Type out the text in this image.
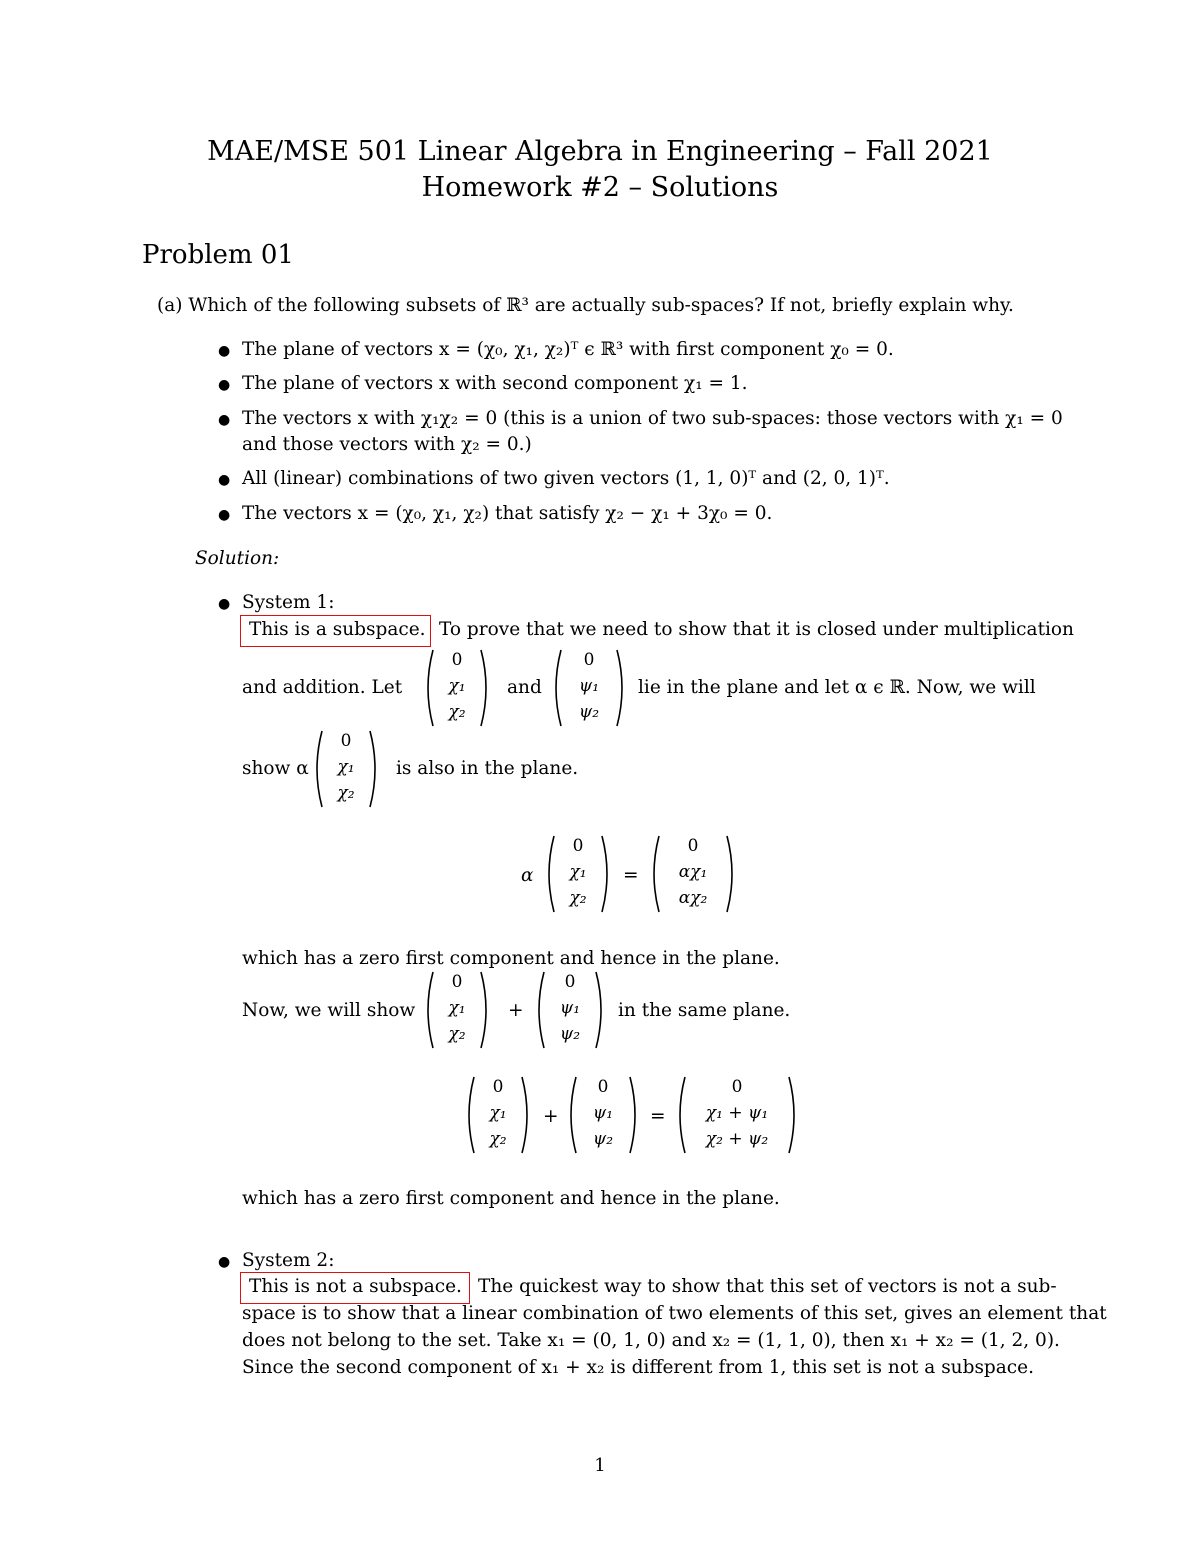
MAE/MSE 501 Linear Algebra in Engineering – Fall 2021
Homework #2 – Solutions
Problem 01
(a) Which of the following subsets of ℝ³ are actually sub-spaces? If not, briefly explain why.
● The plane of vectors x = (χ₀, χ₁, χ₂)ᵀ ϵ ℝ³ with first component χ₀ = 0.
● The plane of vectors x with second component χ₁ = 1.
● The vectors x with χ₁χ₂ = 0 (this is a union of two sub-spaces: those vectors with χ₁ = 0
and those vectors with χ₂ = 0.)
● All (linear) combinations of two given vectors (1, 1, 0)ᵀ and (2, 0, 1)ᵀ.
● The vectors x = (χ₀, χ₁, χ₂) that satisfy χ₂ − χ₁ + 3χ₀ = 0.
Solution:
● System 1:
This is a subspace. To prove that we need to show that it is closed under multiplication
and addition. Let
0
χ₁
χ₂
and
0
ψ₁
ψ₂
lie in the plane and let α ϵ ℝ. Now, we will
show α
0
χ₁
χ₂
is also in the plane.
α
0
χ₁
χ₂
=
0
αχ₁
αχ₂
which has a zero first component and hence in the plane.
Now, we will show
0
χ₁
χ₂
+
0
ψ₁
ψ₂
in the same plane.
0
χ₁
χ₂
+
0
ψ₁
ψ₂
=
0
χ₁ + ψ₁
χ₂ + ψ₂
which has a zero first component and hence in the plane.
● System 2:
This is not a subspace. The quickest way to show that this set of vectors is not a sub-
space is to show that a linear combination of two elements of this set, gives an element that
does not belong to the set. Take x₁ = (0, 1, 0) and x₂ = (1, 1, 0), then x₁ + x₂ = (1, 2, 0).
Since the second component of x₁ + x₂ is different from 1, this set is not a subspace.
1
